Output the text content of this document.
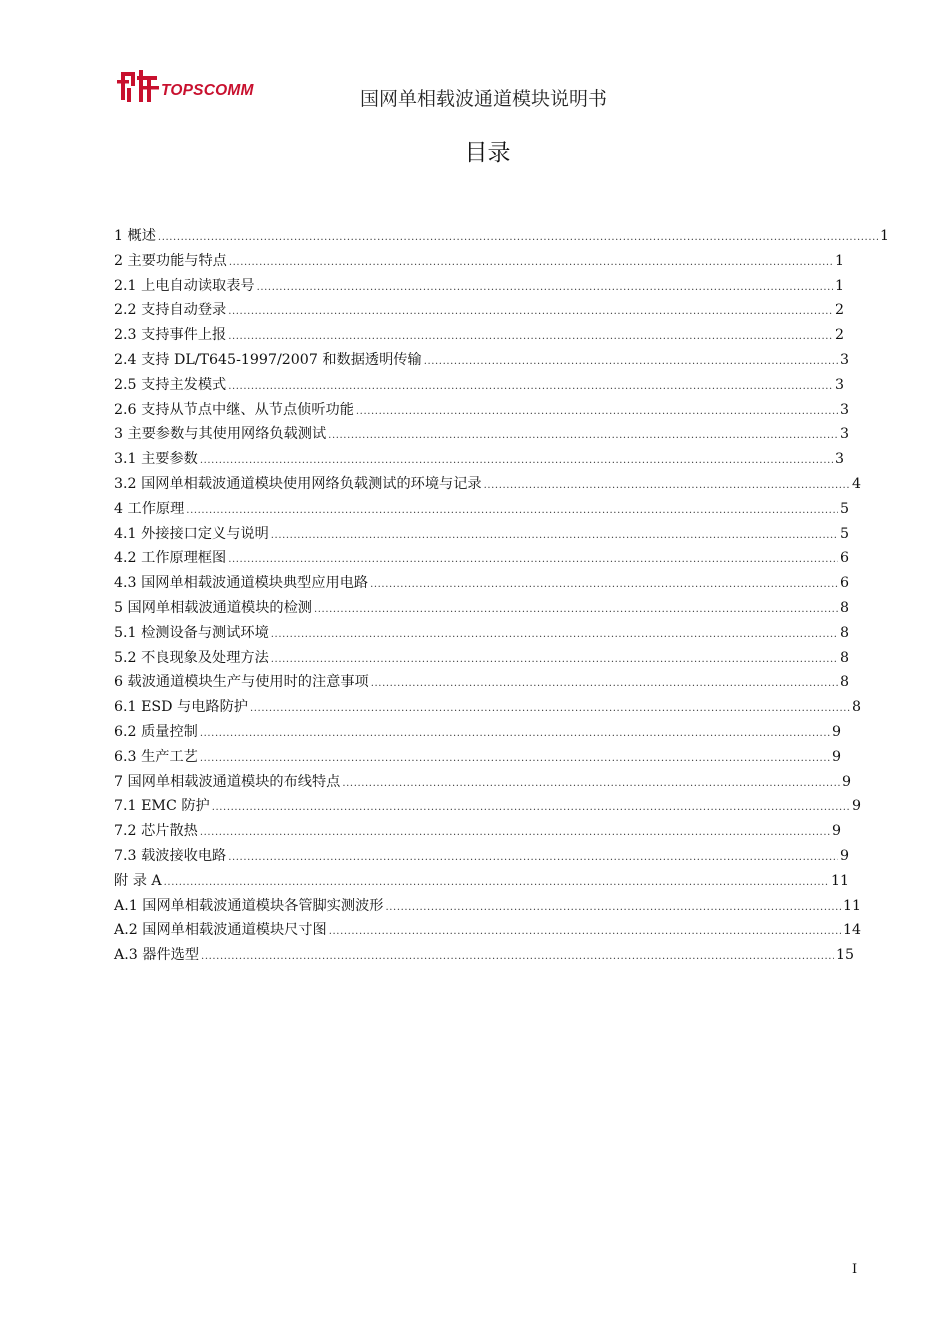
TOPSCOMM	国网单相载波通道模块说明书
目录
1 概述 .....	1
2 主要功能与特点 .....	1
2.1 上电自动读取表号 .....	1
2.2 支持自动登录 .....	2
2.3 支持事件上报 .....	2
2.4 支持 DL/T645-1997/2007 和数据透明传输 .....	3
2.5 支持主发模式 .....	3
2.6 支持从节点中继、从节点侦听功能 .....	3
3 主要参数与其使用网络负载测试 .....	3
3.1 主要参数 .....	3
3.2 国网单相载波通道模块使用网络负载测试的环境与记录 .....	4
4 工作原理 .....	5
4.1 外接接口定义与说明 .....	5
4.2 工作原理框图 .....	6
4.3 国网单相载波通道模块典型应用电路 .....	6
5 国网单相载波通道模块的检测 .....	8
5.1 检测设备与测试环境 .....	8
5.2 不良现象及处理方法 .....	8
6 载波通道模块生产与使用时的注意事项 .....	8
6.1 ESD 与电路防护 .....	8
6.2 质量控制 .....	9
6.3 生产工艺 .....	9
7 国网单相载波通道模块的布线特点 .....	9
7.1 EMC 防护 .....	9
7.2 芯片散热 .....	9
7.3 载波接收电路 .....	9
附 录 A .....	11
A.1 国网单相载波通道模块各管脚实测波形 .....	11
A.2 国网单相载波通道模块尺寸图 .....	14
A.3 器件选型 .....	15
I
